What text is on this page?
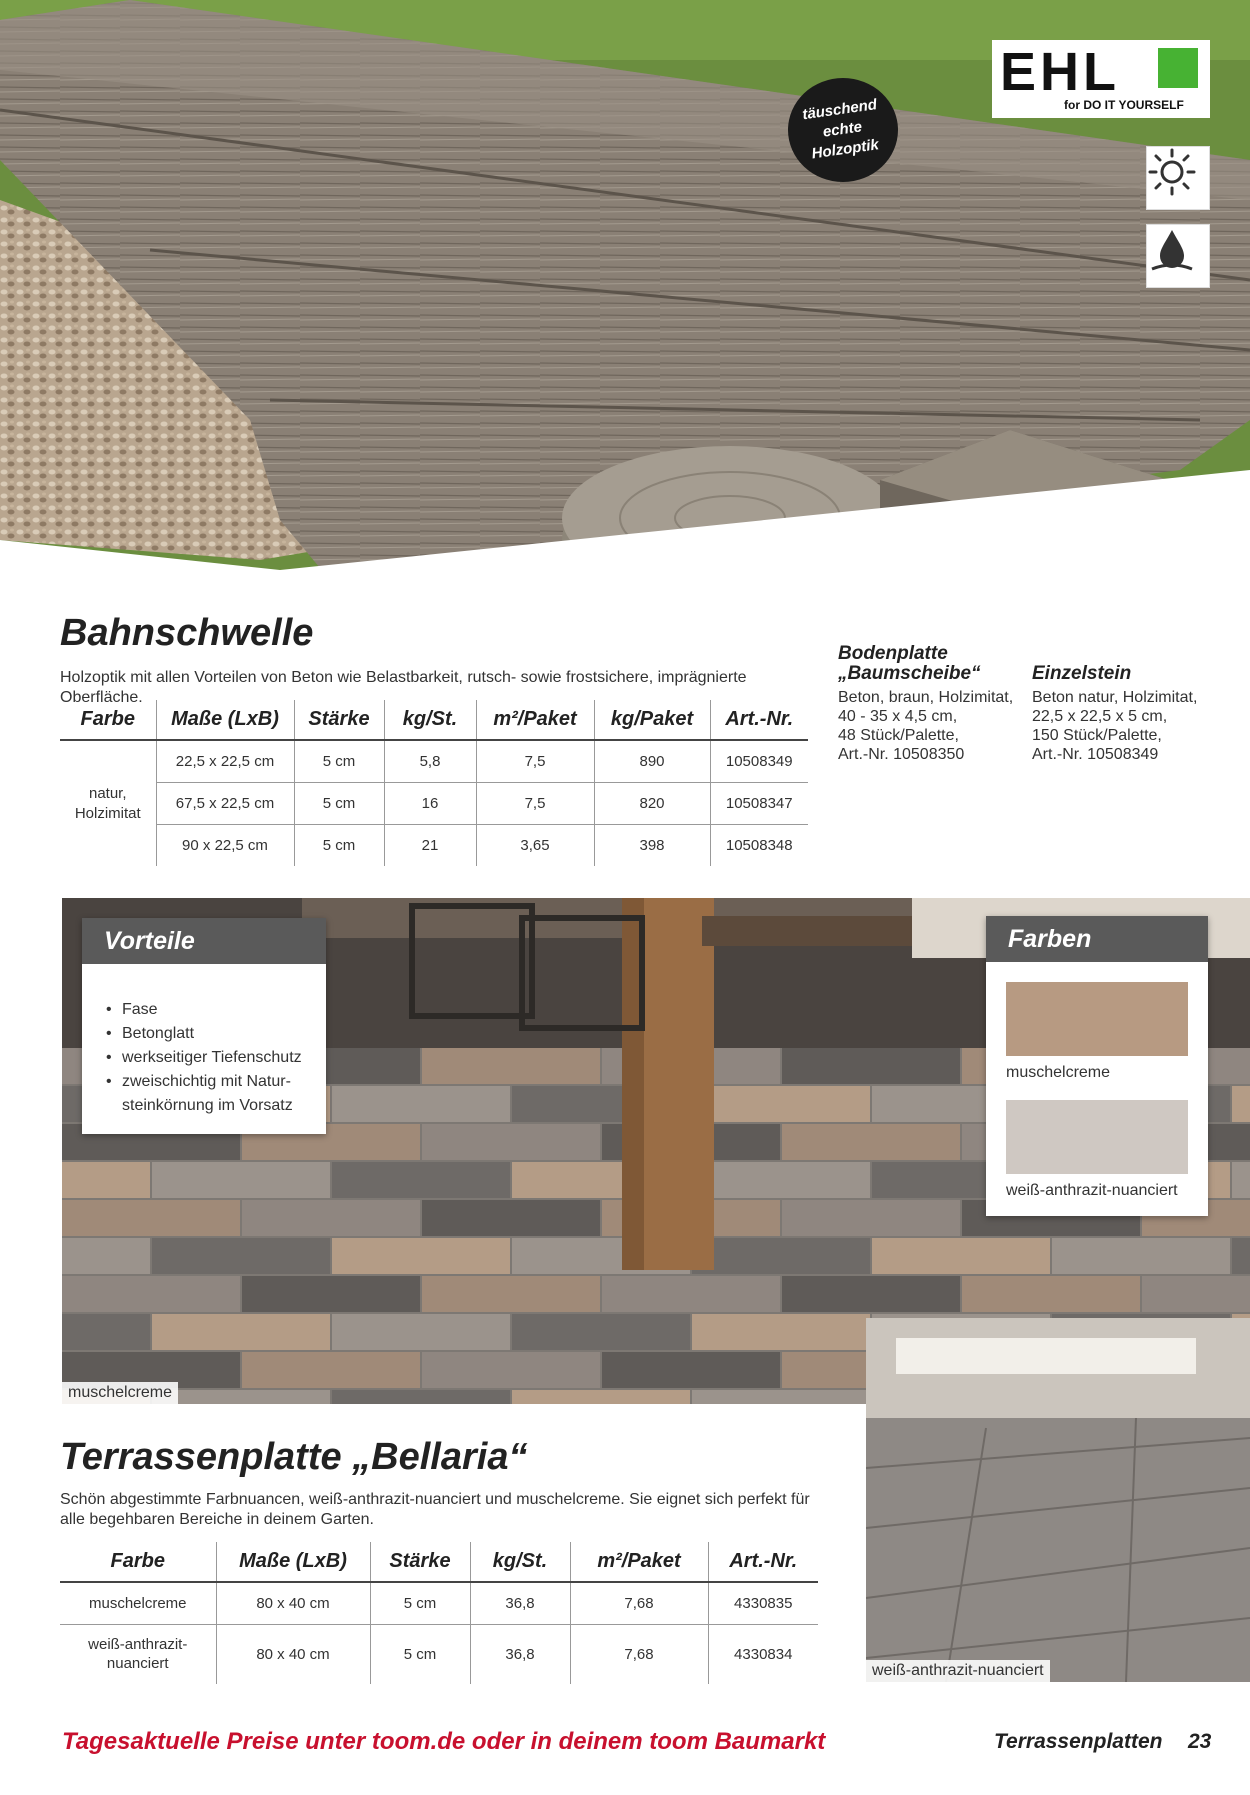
täuschend
echte
Holzoptik
EHL
for DO IT YOURSELF
Bahnschwelle
Holzoptik mit allen Vorteilen von Beton wie Belastbarkeit, rutsch- sowie frostsichere, imprägnierte Oberfläche.
Farbe	Maße (LxB)	Stärke	kg/St.	m²/Paket	kg/Paket	Art.-Nr.
natur,
Holzimitat	22,5 x 22,5 cm	5 cm	5,8	7,5	890	10508349
	67,5 x 22,5 cm	5 cm	16	7,5	820	10508347
	90 x 22,5 cm	5 cm	21	3,65	398	10508348
Bodenplatte
„Baumscheibe“
Beton, braun, Holzimitat,
40 - 35 x 4,5 cm,
48 Stück/Palette,
Art.-Nr. 10508350
Einzelstein
Beton natur, Holzimitat,
22,5 x 22,5 x 5 cm,
150 Stück/Palette,
Art.-Nr. 10508349
muschelcreme
Vorteile
• Fase
• Betonglatt
• werkseitiger Tiefenschutz
• zweischichtig mit Natur-
steinkörnung im Vorsatz
Farben
muschelcreme
weiß-anthrazit-nuanciert
weiß-anthrazit-nuanciert
Terrassenplatte „Bellaria“
Schön abgestimmte Farbnuancen, weiß-anthrazit-nuanciert und muschelcreme. Sie eignet sich perfekt für
alle begehbaren Bereiche in deinem Garten.
Farbe	Maße (LxB)	Stärke	kg/St.	m²/Paket	Art.-Nr.
muschelcreme	80 x 40 cm	5 cm	36,8	7,68	4330835
weiß-anthrazit-
nuanciert	80 x 40 cm	5 cm	36,8	7,68	4330834
Tagesaktuelle Preise unter toom.de oder in deinem toom Baumarkt	Terrassenplatten 23
